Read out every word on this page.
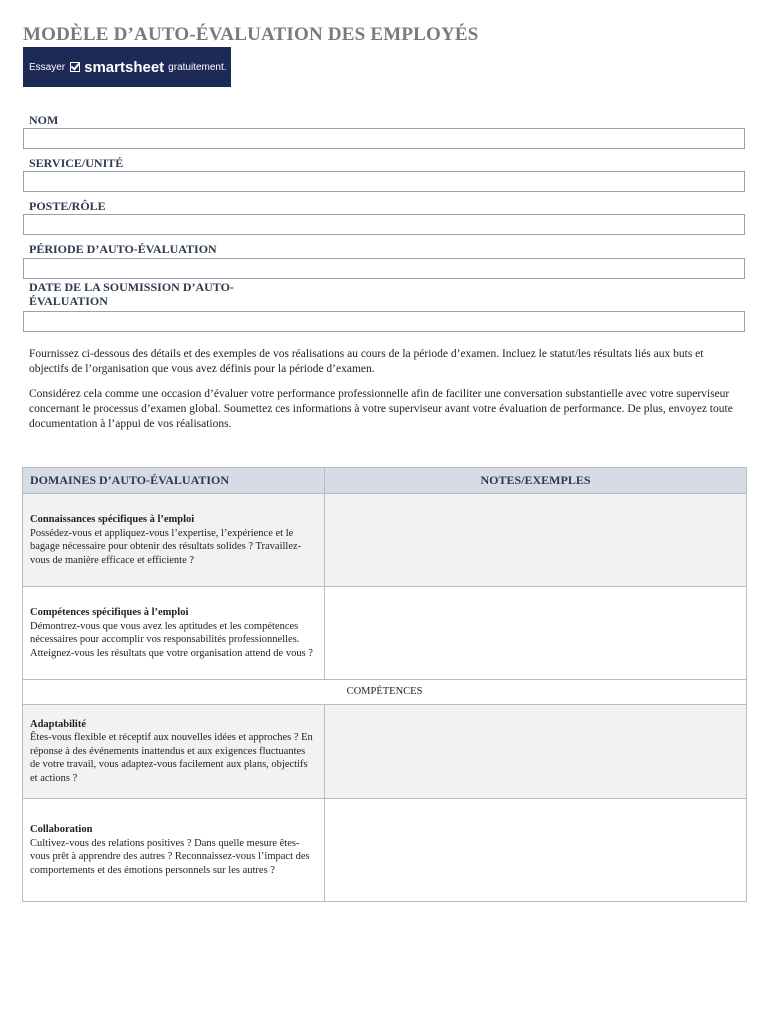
MODÈLE D’AUTO-ÉVALUATION DES EMPLOYÉS
Essayer smartsheet gratuitement.
NOM
SERVICE/UNITÉ
POSTE/RÔLE
PÉRIODE D’AUTO-ÉVALUATION
DATE DE LA SOUMISSION D’AUTO-ÉVALUATION

Fournissez ci-dessous des détails et des exemples de vos réalisations au cours de la période d’examen. Incluez le statut/les résultats liés aux buts et objectifs de l’organisation que vous avez définis pour la période d’examen.

Considérez cela comme une occasion d’évaluer votre performance professionnelle afin de faciliter une conversation substantielle avec votre superviseur concernant le processus d’examen global. Soumettez ces informations à votre superviseur avant votre évaluation de performance. De plus, envoyez toute documentation à l’appui de vos réalisations.

DOMAINES D’AUTO-ÉVALUATION	NOTES/EXEMPLES

Connaissances spécifiques à l’emploi
Possédez-vous et appliquez-vous l’expertise, l’expérience et le bagage nécessaire pour obtenir des résultats solides ? Travaillez-vous de manière efficace et efficiente ?	

Compétences spécifiques à l’emploi
Démontrez-vous que vous avez les aptitudes et les compétences nécessaires pour accomplir vos responsabilités professionnelles. Atteignez-vous les résultats que votre organisation attend de vous ?	
COMPÉTENCES	

Adaptabilité
Êtes-vous flexible et réceptif aux nouvelles idées et approches ? En réponse à des événements inattendus et aux exigences fluctuantes de votre travail, vous adaptez-vous facilement aux plans, objectifs et actions ?	

Collaboration
Cultivez-vous des relations positives ? Dans quelle mesure êtes-vous prêt à apprendre des autres ? Reconnaissez-vous l’impact des comportements et des émotions personnels sur les autres ?	
